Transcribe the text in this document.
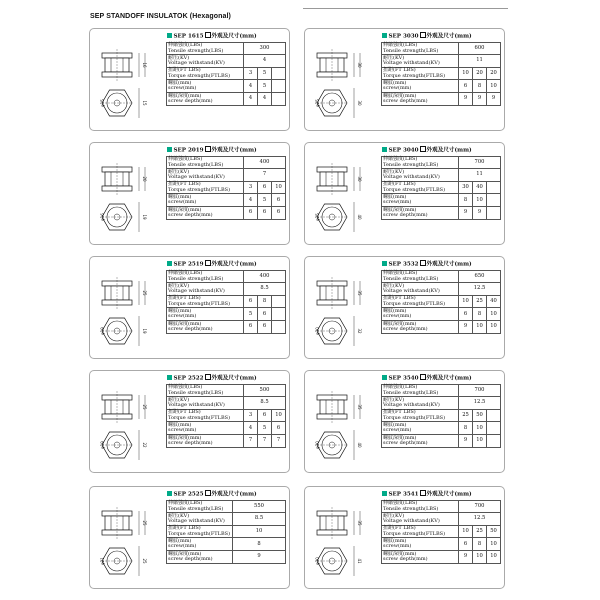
SEP STANDOFF INSULATOK (Hexagonal)
16
φ15	15
SEP 1615 外观及尺寸(mm)			

伸縮強度(LBS)
Tensile strength(LBS)	300		

耐压(KV)
Voltage withstand(KV)	4		

扭距(FT LBS)
Torque strength(FTLBS)	3	5	

螺紋(mm)
screw(mm)	4	5	

螺紋深度(mm)
screw depth(mm)	4	4	
30
φ25	30
SEP 3030 外观及尺寸(mm)			

伸縮強度(LBS)
Tensile strength(LBS)	600		

耐压(KV)
Voltage withstand(KV)	11		

扭距(FT LBS)
Torque strength(FTLBS)	10	20	20

螺紋(mm)
screw(mm)	6	8	10

螺紋深度(mm)
screw depth(mm)	9	9	9
20
φ16	19
SEP 2019 外观及尺寸(mm)			

伸縮強度(LBS)
Tensile strength(LBS)	400		

耐压(KV)
Voltage withstand(KV)	7		

扭距(FT LBS)
Torque strength(FTLBS)	3	6	10

螺紋(mm)
screw(mm)	4	5	6

螺紋深度(mm)
screw depth(mm)	6	6	6
30
φ25	40
SEP 3040 外观及尺寸(mm)			

伸縮強度(LBS)
Tensile strength(LBS)	700		

耐压(KV)
Voltage withstand(KV)	11		

扭距(FT LBS)
Torque strength(FTLBS)	30	40	

螺紋(mm)
screw(mm)	8	10	

螺紋深度(mm)
screw depth(mm)	9	9	
25
φ19	19
SEP 2519 外观及尺寸(mm)			

伸縮強度(LBS)
Tensile strength(LBS)	400		

耐压(KV)
Voltage withstand(KV)	8.5		

扭距(FT LBS)
Torque strength(FTLBS)	6	8	

螺紋(mm)
screw(mm)	5	6	

螺紋深度(mm)
screw depth(mm)	6	6	
35
φ30	32
SEP 3532 外观及尺寸(mm)			

伸縮強度(LBS)
Tensile strength(LBS)	650		

耐压(KV)
Voltage withstand(KV)	12.5		

扭距(FT LBS)
Torque strength(FTLBS)	10	25	40

螺紋(mm)
screw(mm)	6	8	10

螺紋深度(mm)
screw depth(mm)	9	10	10
25
φ19	22
SEP 2522 外观及尺寸(mm)			

伸縮強度(LBS)
Tensile strength(LBS)	500		

耐压(KV)
Voltage withstand(KV)	8.5		

扭距(FT LBS)
Torque strength(FTLBS)	3	6	10

螺紋(mm)
screw(mm)	4	5	6

螺紋深度(mm)
screw depth(mm)	7	7	7
35
φ30	40
SEP 3540 外观及尺寸(mm)			

伸縮強度(LBS)
Tensile strength(LBS)	700		

耐压(KV)
Voltage withstand(KV)	12.5		

扭距(FT LBS)
Torque strength(FTLBS)	25	50	

螺紋(mm)
screw(mm)	8	10	

螺紋深度(mm)
screw depth(mm)	9	10	
25
φ21	25
SEP 2525 外观及尺寸(mm)	

伸縮強度(LBS)
Tensile strength(LBS)	550

耐压(KV)
Voltage withstand(KV)	8.5

扭距(FT LBS)
Torque strength(FTLBS)	10

螺紋(mm)
screw(mm)	8

螺紋深度(mm)
screw depth(mm)	9
35
φ30	41
SEP 3541 外观及尺寸(mm)			

伸縮強度(LBS)
Tensile strength(LBS)	700		

耐压(KV)
Voltage withstand(KV)	12.5		

扭距(FT LBS)
Torque strength(FTLBS)	10	25	50

螺紋(mm)
screw(mm)	6	8	10

螺紋深度(mm)
screw depth(mm)	9	10	10
